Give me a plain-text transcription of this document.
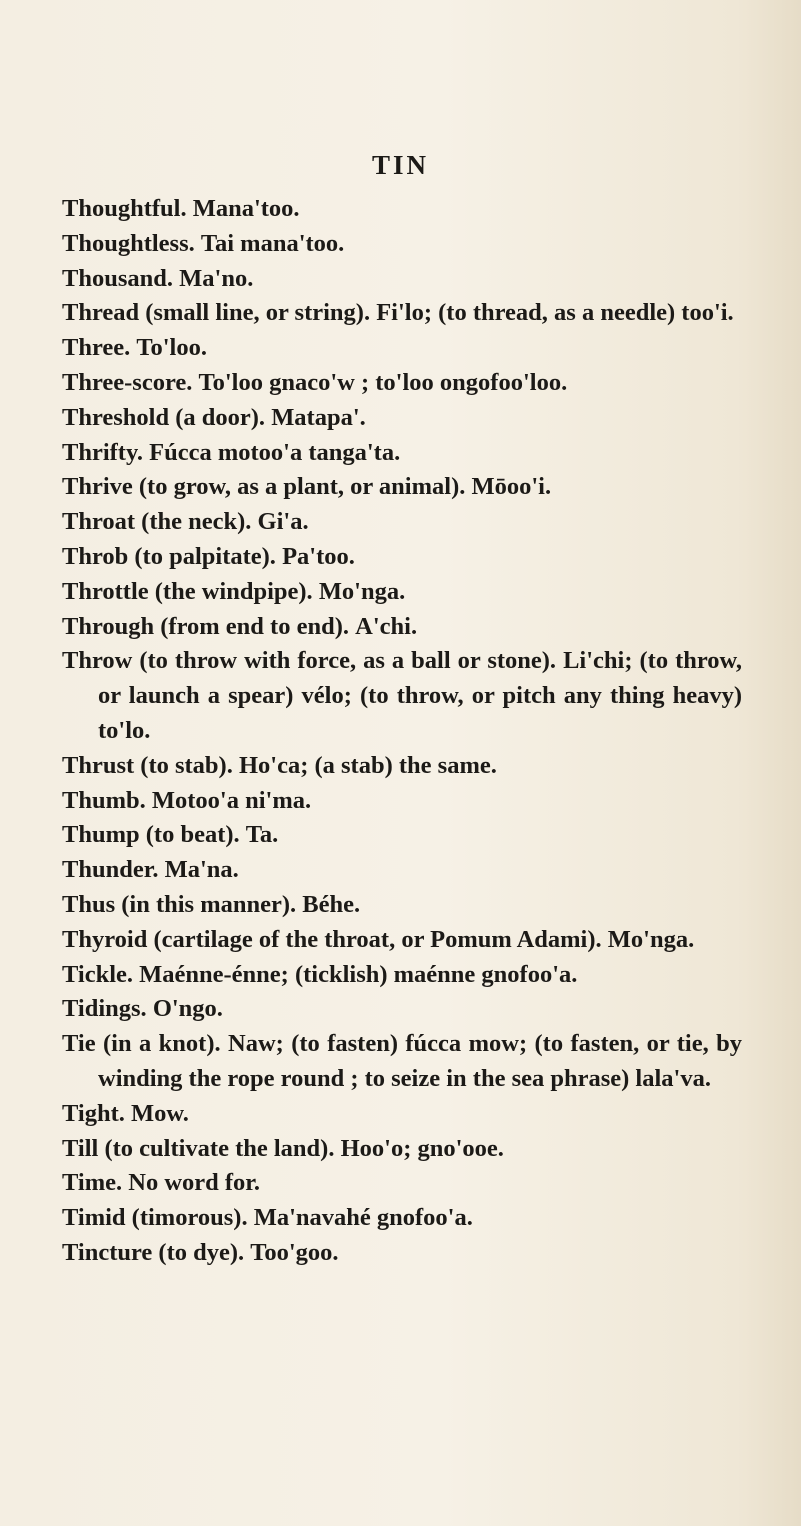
TIN

Thoughtful. Mana'too.

Thoughtless. Tai mana'too.

Thousand. Ma'no.

Thread (small line, or string). Fi'lo; (to thread, as a needle) too'i.

Three. To'loo.

Three-score. To'loo gnaco'w ; to'loo ongofoo'loo.

Threshold (a door). Matapa'.

Thrifty. Fúcca motoo'a tanga'ta.

Thrive (to grow, as a plant, or animal). Mōoo'i.

Throat (the neck). Gi'a.

Throb (to palpitate). Pa'too.

Throttle (the windpipe). Mo'nga.

Through (from end to end). A'chi.

Throw (to throw with force, as a ball or stone). Li'chi; (to throw, or launch a spear) vélo; (to throw, or pitch any thing heavy) to'lo.

Thrust (to stab). Ho'ca; (a stab) the same.

Thumb. Motoo'a ni'ma.

Thump (to beat). Ta.

Thunder. Ma'na.

Thus (in this manner). Béhe.

Thyroid (cartilage of the throat, or Pomum Adami). Mo'nga.

Tickle. Maénne-énne; (ticklish) maénne gnofoo'a.

Tidings. O'ngo.

Tie (in a knot). Naw; (to fasten) fúcca mow; (to fasten, or tie, by winding the rope round ; to seize in the sea phrase) lala'va.

Tight. Mow.

Till (to cultivate the land). Hoo'o; gno'ooe.

Time. No word for.

Timid (timorous). Ma'navahé gnofoo'a.

Tincture (to dye). Too'goo.
